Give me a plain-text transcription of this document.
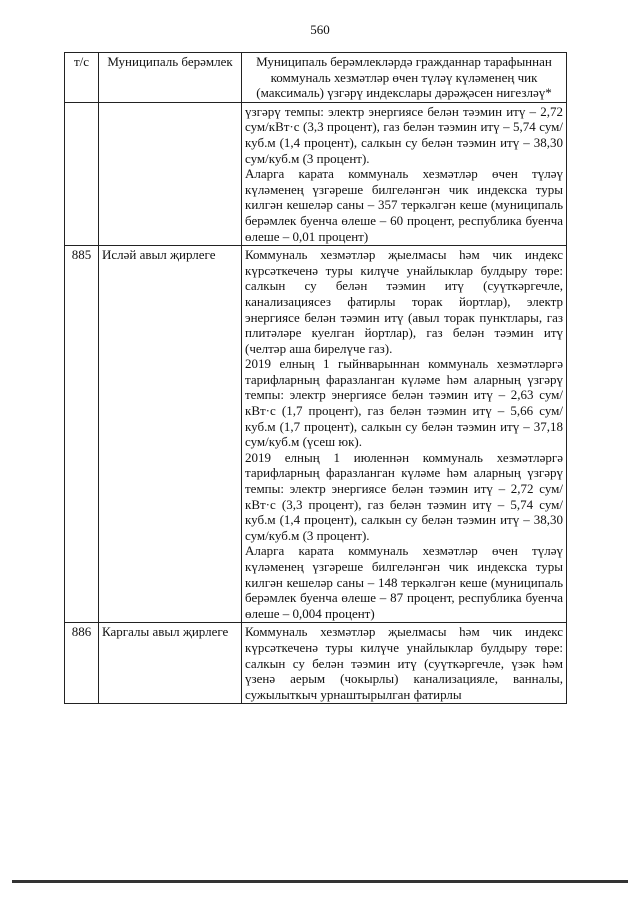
560
т/с	Муниципаль берәмлек	Муниципаль берәмлекләрдә гражданнар тарафыннан коммуналь хезмәтләр өчен түләү күләменең чик (максималь) үзгәрү индекслары дәрәҗәсен нигезләү*

		үзгәрү темпы: электр энергиясе белән тәэмин итү – 2,72 сум/кВт·с (3,3 процент), газ белән тәэмин итү – 5,74 сум/куб.м (1,4 процент), салкын су белән тәэмин итү – 38,30 сум/куб.м (3 процент).

Аларга карата коммуналь хезмәтләр өчен түләү күләменең үзгәреше билгеләнгән чик индекска туры килгән кешеләр саны – 357 теркәлгән кеше (муниципаль берәмлек буенча өлеше – 60 процент, республика буенча өлеше – 0,01 процент)

885	Исләй авыл җирлеге	Коммуналь хезмәтләр җыелмасы һәм чик индекс күрсәткеченә туры килүче унайлыклар булдыру төре: салкын су белән тәэмин итү (суүткәргечле, канализациясез фатирлы торак йортлар), электр энергиясе белән тәэмин итү (авыл торак пунктлары, газ плитәләре куелган йортлар), газ белән тәэмин итү (челтәр аша бирелүче газ).

2019 елның 1 гыйнварыннан коммуналь хезмәтләргә тарифларның фаразланган күләме һәм аларның үзгәрү темпы: электр энергиясе белән тәэмин итү – 2,63 сум/кВт·с (1,7 процент), газ белән тәэмин итү – 5,66 сум/куб.м (1,7 процент), салкын су белән тәэмин итү – 37,18 сум/куб.м (үсеш юк).

2019 елның 1 июленнән коммуналь хезмәтләргә тарифларның фаразланган күләме һәм аларның үзгәрү темпы: электр энергиясе белән тәэмин итү – 2,72 сум/кВт·с (3,3 процент), газ белән тәэмин итү – 5,74 сум/куб.м (1,4 процент), салкын су белән тәэмин итү – 38,30 сум/куб.м (3 процент).

Аларга карата коммуналь хезмәтләр өчен түләү күләменең үзгәреше билгеләнгән чик индекска туры килгән кешеләр саны – 148 теркәлгән кеше (муниципаль берәмлек буенча өлеше – 87 процент, республика буенча өлеше – 0,004 процент)

886	Каргалы авыл җирлеге	Коммуналь хезмәтләр җыелмасы һәм чик индекс күрсәткеченә туры килүче унайлыклар булдыру төре: салкын су белән тәэмин итү (суүткәргечле, үзәк һәм үзенә аерым (чокырлы) канализацияле, ванналы, сужылыткыч урнаштырылган фатирлы
